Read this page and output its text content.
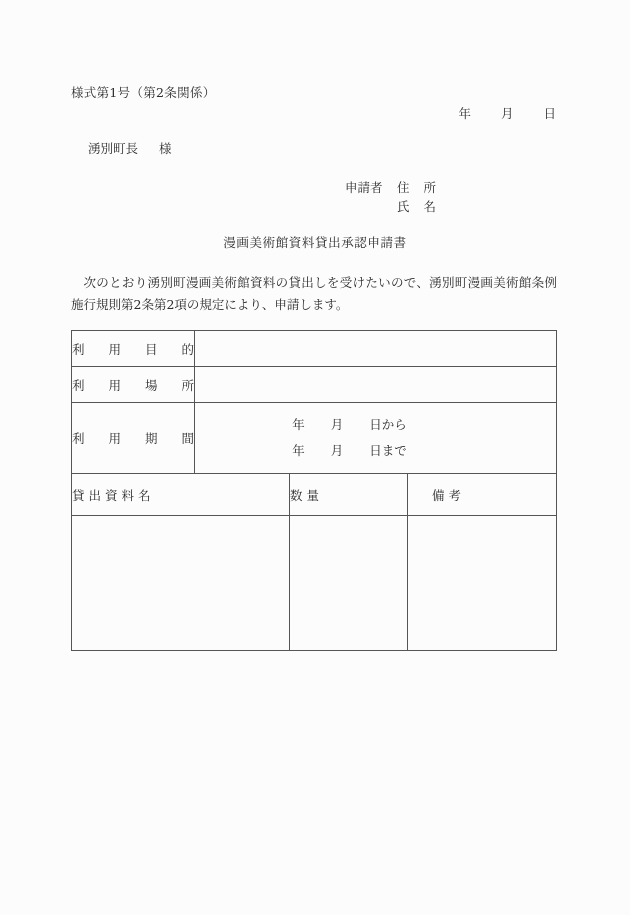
様式第1号（第2条関係）
年 月 日
湧別町長 様
申請者 住 所
氏 名
漫画美術館資料貸出承認申請書
次のとおり湧別町漫画美術館資料の貸出しを受けたいので、湧別町漫画美術館条例施行規則第2条第2項の規定により、申請します。
利 用 目 的			

利 用 場 所			

利 用 期 間	年 月 日から
年 月 日まで		

貸 出 資 料 名		数 量	備 考
